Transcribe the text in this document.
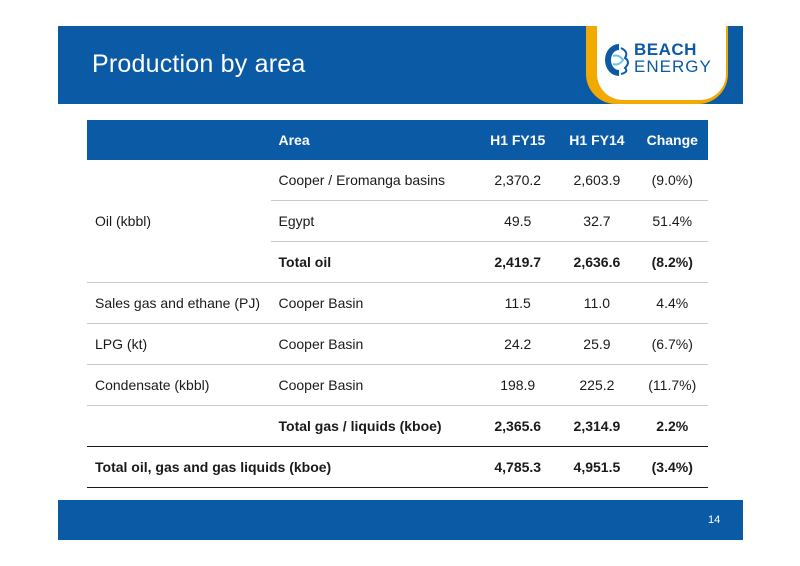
Production by area
BEACH
ENERGY
	Area	H1 FY15	H1 FY14	Change
Oil (kbbl)	Cooper / Eromanga basins	2,370.2	2,603.9	(9.0%)
	Egypt	49.5	32.7	51.4%
	Total oil	2,419.7	2,636.6	(8.2%)
Sales gas and ethane (PJ)	Cooper Basin	11.5	11.0	4.4%
LPG (kt)	Cooper Basin	24.2	25.9	(6.7%)
Condensate (kbbl)	Cooper Basin	198.9	225.2	(11.7%)
	Total gas / liquids (kboe)	2,365.6	2,314.9	2.2%
Total oil, gas and gas liquids (kboe)		4,785.3	4,951.5	(3.4%)
14
